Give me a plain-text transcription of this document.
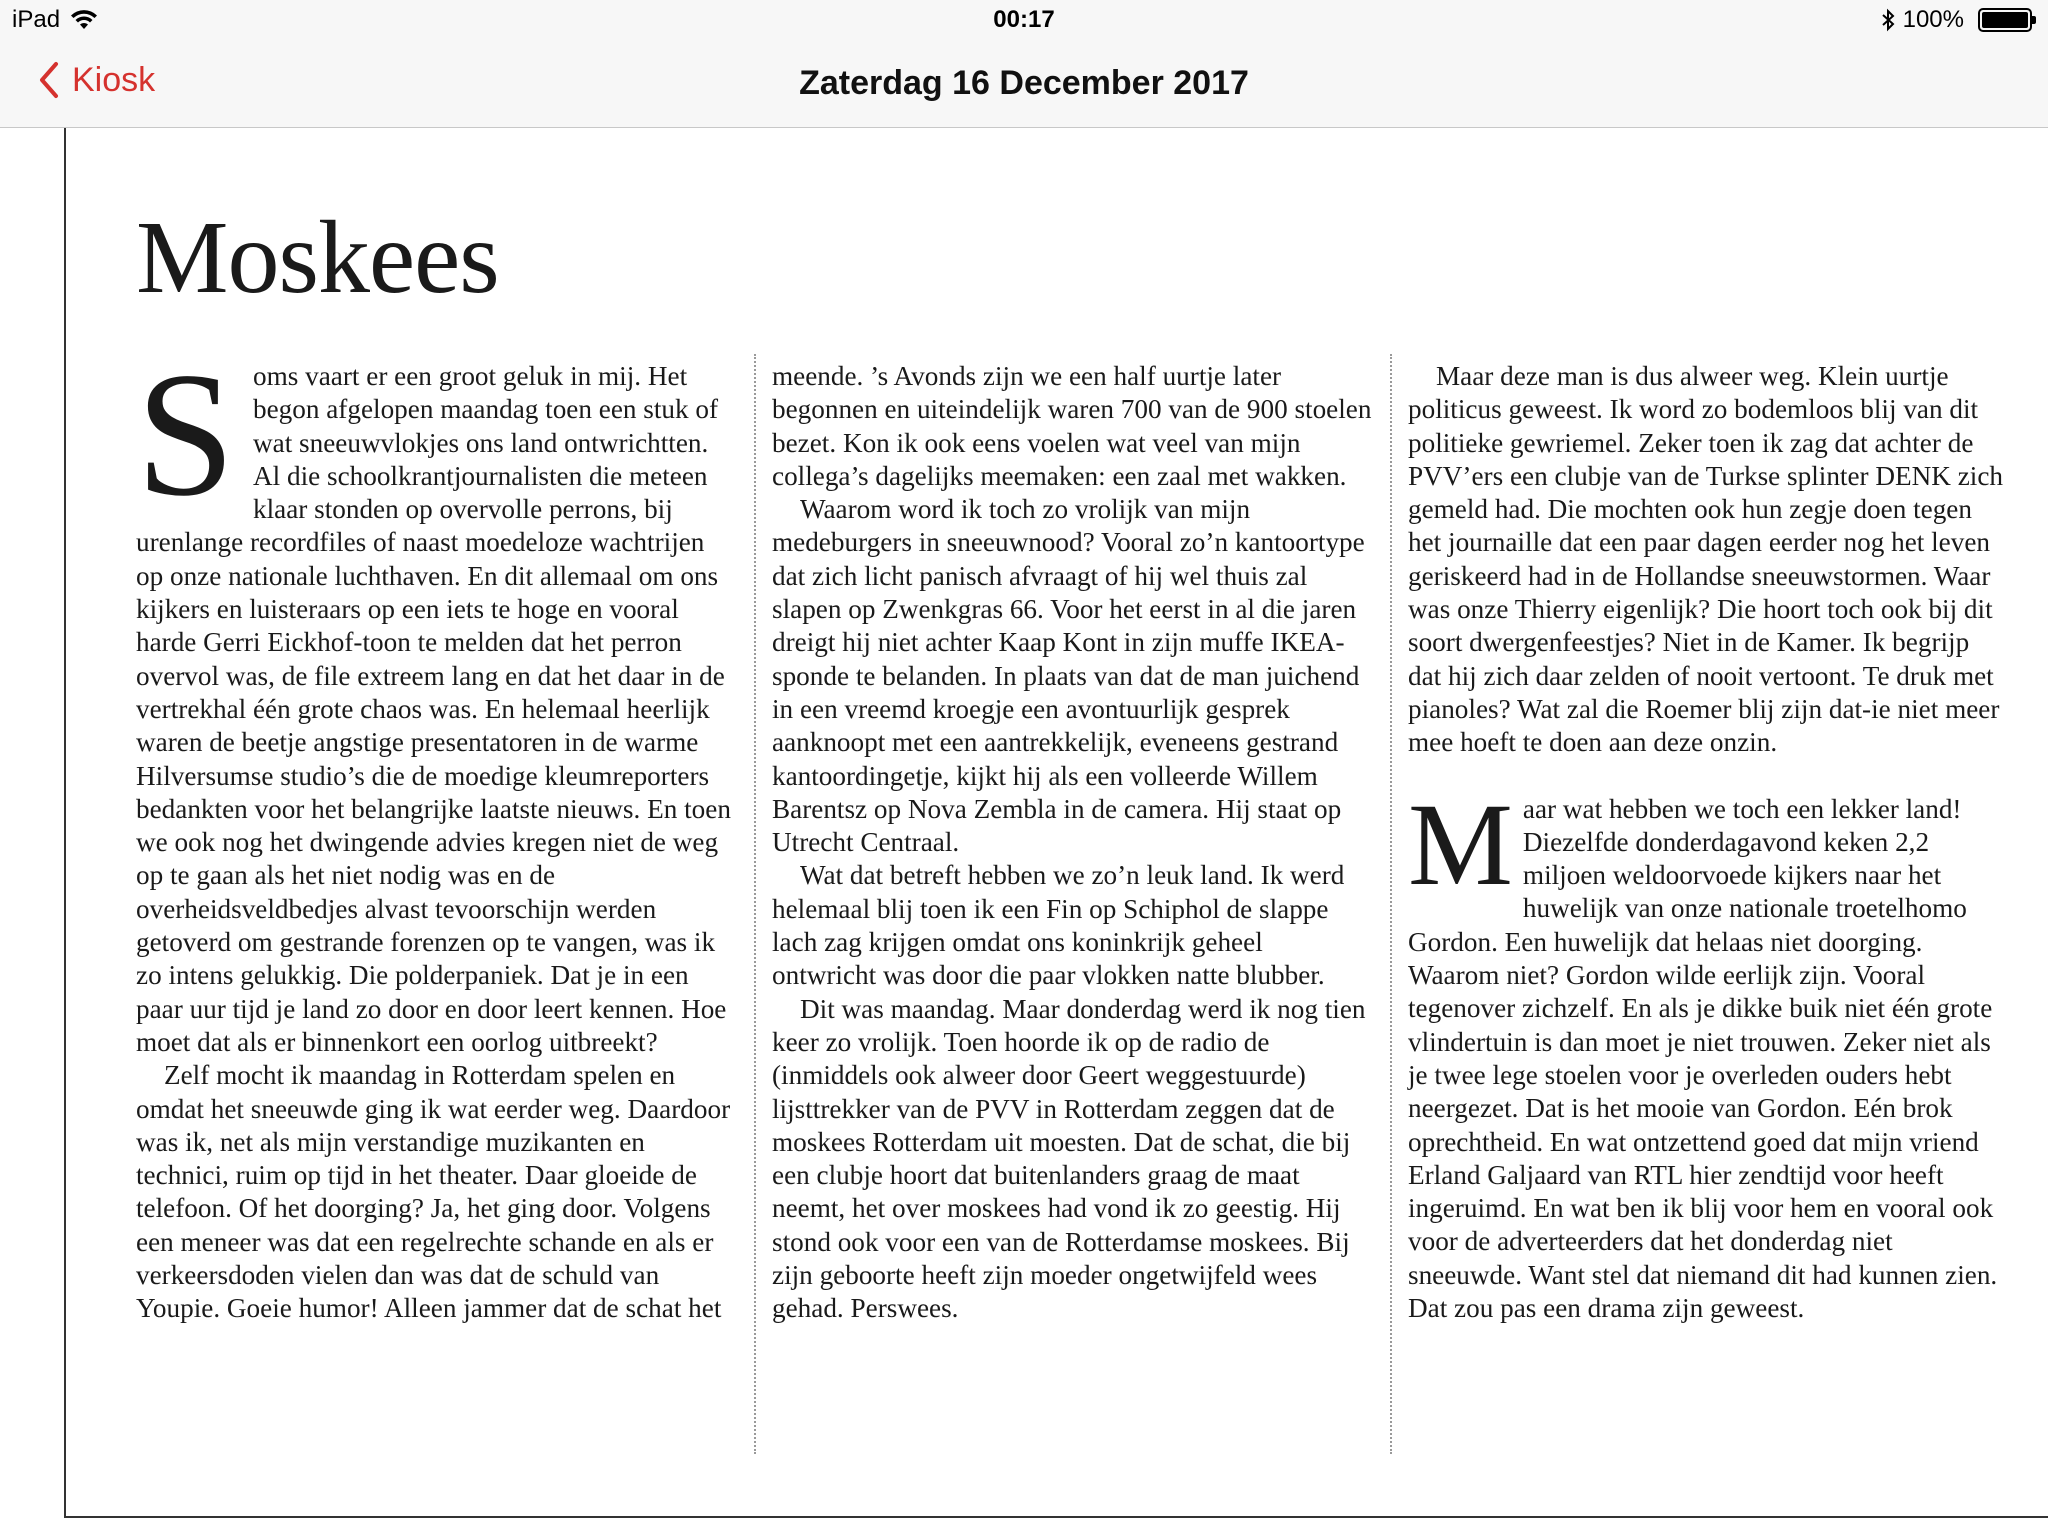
iPad	00:17	100%
Kiosk	Zaterdag 16 December 2017
Moskees

Soms vaart er een groot geluk in mij. Het begon afgelopen maandag toen een stuk of wat sneeuwvlokjes ons land ontwrichtten. Al die schoolkrantjournalisten die meteen klaar stonden op overvolle perrons, bij urenlange recordfiles of naast moedeloze wachtrijen op onze nationale luchthaven. En dit allemaal om ons kijkers en luisteraars op een iets te hoge en vooral harde Gerri Eickhof-toon te melden dat het perron overvol was, de file extreem lang en dat het daar in de vertrekhal één grote chaos was. En helemaal heerlijk waren de beetje angstige presentatoren in de warme Hilversumse studio’s die de moedige kleumreporters bedankten voor het belangrijke laatste nieuws. En toen we ook nog het dwingende advies kregen niet de weg op te gaan als het niet nodig was en de overheidsveldbedjes alvast tevoorschijn werden getoverd om gestrande forenzen op te vangen, was ik zo intens gelukkig. Die polderpaniek. Dat je in een paar uur tijd je land zo door en door leert kennen. Hoe moet dat als er binnenkort een oorlog uitbreekt?

Zelf mocht ik maandag in Rotterdam spelen en omdat het sneeuwde ging ik wat eerder weg. Daardoor was ik, net als mijn verstandige muzikanten en technici, ruim op tijd in het theater. Daar gloeide de telefoon. Of het doorging? Ja, het ging door. Volgens een meneer was dat een regelrechte schande en als er verkeersdoden vielen dan was dat de schuld van Youpie. Goeie humor! Alleen jammer dat de schat het

meende. ’s Avonds zijn we een half uurtje later begonnen en uiteindelijk waren 700 van de 900 stoelen bezet. Kon ik ook eens voelen wat veel van mijn collega’s dagelijks meemaken: een zaal met wakken.

Waarom word ik toch zo vrolijk van mijn medeburgers in sneeuwnood? Vooral zo’n kantoortype dat zich licht panisch afvraagt of hij wel thuis zal slapen op Zwenkgras 66. Voor het eerst in al die jaren dreigt hij niet achter Kaap Kont in zijn muffe IKEA-sponde te belanden. In plaats van dat de man juichend in een vreemd kroegje een avontuurlijk gesprek aanknoopt met een aantrekkelijk, eveneens gestrand kantoordingetje, kijkt hij als een volleerde Willem Barentsz op Nova Zembla in de camera. Hij staat op Utrecht Centraal.

Wat dat betreft hebben we zo’n leuk land. Ik werd helemaal blij toen ik een Fin op Schiphol de slappe lach zag krijgen omdat ons koninkrijk geheel ontwricht was door die paar vlokken natte blubber.

Dit was maandag. Maar donderdag werd ik nog tien keer zo vrolijk. Toen hoorde ik op de radio de (inmiddels ook alweer door Geert weggestuurde) lijsttrekker van de PVV in Rotterdam zeggen dat de moskees Rotterdam uit moesten. Dat de schat, die bij een clubje hoort dat buitenlanders graag de maat neemt, het over moskees had vond ik zo geestig. Hij stond ook voor een van de Rotterdamse moskees. Bij zijn geboorte heeft zijn moeder ongetwijfeld wees gehad. Perswees.

Maar deze man is dus alweer weg. Klein uurtje politicus geweest. Ik word zo bodemloos blij van dit politieke gewriemel. Zeker toen ik zag dat achter de PVV’ers een clubje van de Turkse splinter DENK zich gemeld had. Die mochten ook hun zegje doen tegen het journaille dat een paar dagen eerder nog het leven geriskeerd had in de Hollandse sneeuwstormen. Waar was onze Thierry eigenlijk? Die hoort toch ook bij dit soort dwergenfeestjes? Niet in de Kamer. Ik begrijp dat hij zich daar zelden of nooit vertoont. Te druk met pianoles? Wat zal die Roemer blij zijn dat-ie niet meer mee hoeft te doen aan deze onzin.

Maar wat hebben we toch een lekker land! Diezelfde donderdagavond keken 2,2 miljoen weldoorvoede kijkers naar het huwelijk van onze nationale troetelhomo Gordon. Een huwelijk dat helaas niet doorging. Waarom niet? Gordon wilde eerlijk zijn. Vooral tegenover zichzelf. En als je dikke buik niet één grote vlindertuin is dan moet je niet trouwen. Zeker niet als je twee lege stoelen voor je overleden ouders hebt neergezet. Dat is het mooie van Gordon. Eén brok oprechtheid. En wat ontzettend goed dat mijn vriend Erland Galjaard van RTL hier zendtijd voor heeft ingeruimd. En wat ben ik blij voor hem en vooral ook voor de adverteerders dat het donderdag niet sneeuwde. Want stel dat niemand dit had kunnen zien. Dat zou pas een drama zijn geweest.
